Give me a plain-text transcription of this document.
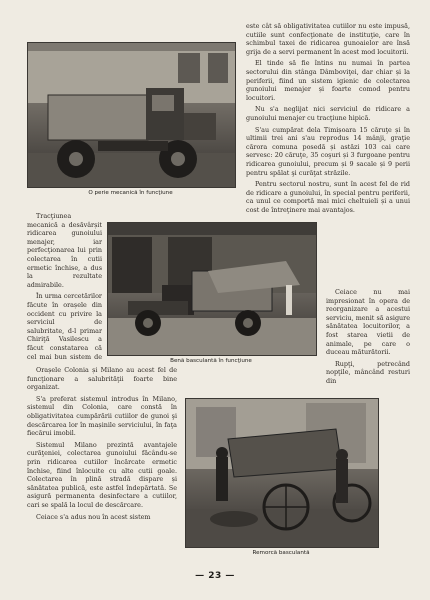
O perie mecanică în funcţiune

este cât să obligativitatea cutiilor nu este impusă, cutiile sunt confecţionate de instituţie, care în schimbul taxei de ridicarea gunoaielor are însă grija de a servi permanent în acest mod locuitorii.

El tinde să fie întins nu numai în partea sectorului din stânga Dâmboviţei, dar chiar și la periferii, fiind un sistem igienic de colectarea gunoiului menajer și foarte comod pentru locuitori.

Nu s'a neglijat nici serviciul de ridicare a gunoiului menajer cu tracţiune hipică.

S'au cumpărat dela Timișoara 15 căruţe și în ultimii trei ani s'au reprodus 14 mânji, graţie cărora comuna posedă și astăzi 103 cai care servesc: 20 căruţe, 35 coşuri și 3 furgoane pentru ridicarea gunoiului, precum și 9 sacale și 9 perii pentru spălat şi curăţat străzile.

Pentru sectorul nostru, sunt în acest fel de rid de ridicare a gunoiului, în special pentru periferii, ca unul ce comportă mai mici cheltuieli și a unui cost de întreţinere mai avantajos.

Tracţiunea mecanică a desăvârșit ridicarea gunoiului menajer, iar perfecţionarea lui prin colectarea în cutii ermetic închise, a dus la rezultate admirabile.

În urma cercetărilor făcute în orașele din occident cu privire la serviciul de salubritate, d-l primar Chiriţă Vasilescu a făcut constatarea că cel mai bun sistem de

Benă basculantă în funcţiune

Ceiace nu mai impresionat în opera de reorganizare a acestui serviciu, menit să asigure sănătatea locuitorilor, a fost starea vietii de animale, pe care o duceau măturătorii.

Rupţi, petrecând nopţile, mâncând resturi din

Orașele Colonia și Milano au acest fel de funcţionare a salubrităţii foarte bine organizat.

S'a preferat sistemul introdus în Milano, sistemul din Colonia, care constă în obligativitatea cumpărării cutiilor de gunoi şi descărcarea lor în mașinile serviciului, în faţa fiecărui imobil.

Sistemul Milano prezintă avantajele curăţeniei, colectarea gunoiului făcându-se prin ridicarea cutiilor încărcate ermetic închise, fiind înlocuite cu alte cutii goale. Colectarea în plină stradă dispare și sănătatea publică, este astfel îndepărtată. Se asigură permanenta desinfectare a cutiilor, cari se spală la locul de descărcare.

Ceiace s'a adus nou în acest sistem

Remorcă basculantă
— 23 —
